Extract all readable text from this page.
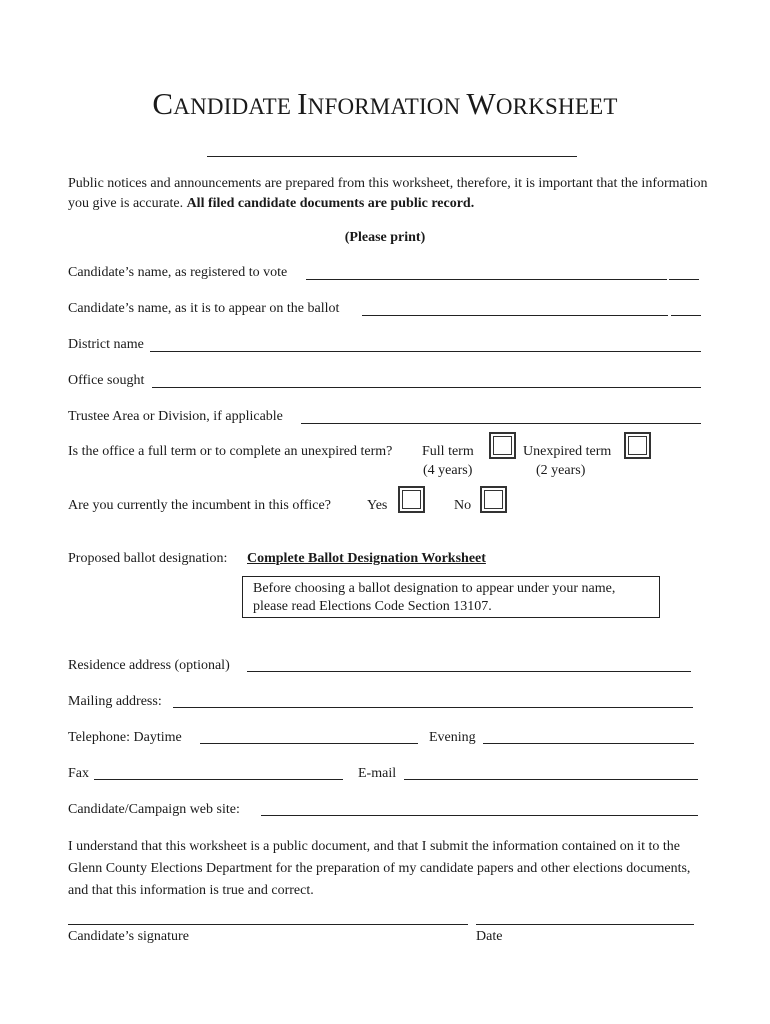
CANDIDATE INFORMATION WORKSHEET
Public notices and announcements are prepared from this worksheet, therefore, it is important that the information you give is accurate. All filed candidate documents are public record.
(Please print)
Candidate’s name, as registered to vote
Candidate’s name, as it is to appear on the ballot
District name
Office sought
Trustee Area or Division, if applicable
Is the office a full term or to complete an unexpired term? Full term
(4 years)
Unexpired term
(2 years)
Are you currently the incumbent in this office?	Yes	No
Proposed ballot designation: Complete Ballot Designation Worksheet
Before choosing a ballot designation to appear under your name, please read Elections Code Section 13107.
Residence address (optional)
Mailing address:
Telephone: Daytime	Evening
Fax	E-mail
Candidate/Campaign web site:
I understand that this worksheet is a public document, and that I submit the information contained on it to the Glenn County Elections Department for the preparation of my candidate papers and other elections documents, and that this information is true and correct.
Candidate’s signature	Date
